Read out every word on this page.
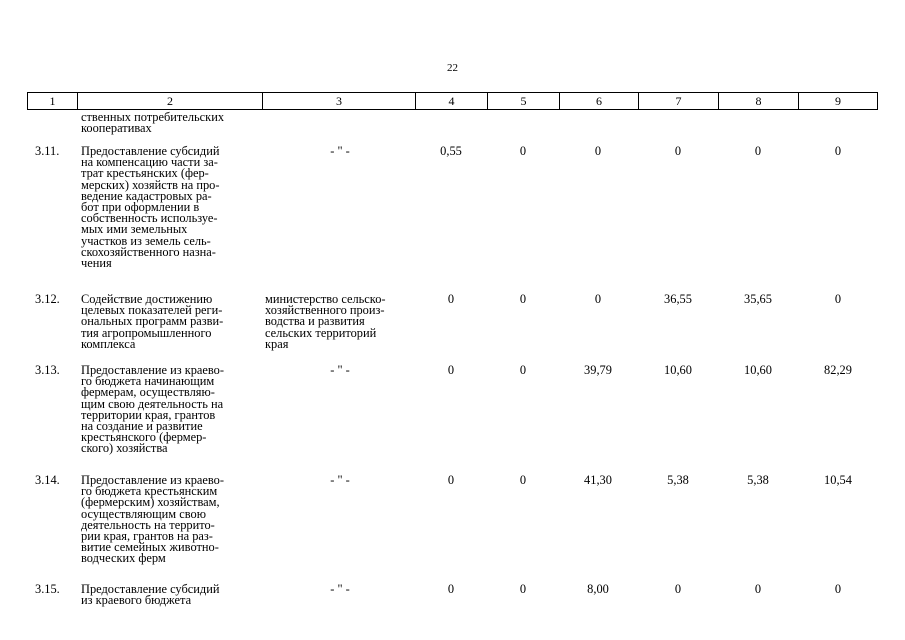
22
1	2	3	4	5	6	7	8	9
ственных потребительских
кооперативах
3.11. Предоставление субсидий
на компенсацию части за-
трат крестьянских (фер-
мерских) хозяйств на про-
ведение кадастровых ра-
бот при оформлении в
собственность используе-
мых ими земельных
участков из земель сель-
скохозяйственного назна-
чения
- " -	0,55	0	0	0	0	0
3.12. Содействие достижению
целевых показателей реги-
ональных программ разви-
тия агропромышленного
комплекса
министерство сельско-
хозяйственного произ-
водства и развития
сельских территорий
края
0	0	0	36,55	35,65	0
3.13. Предоставление из краево-
го бюджета начинающим
фермерам, осуществляю-
щим свою деятельность на
территории края, грантов
на создание и развитие
крестьянского (фермер-
ского) хозяйства
- " -	0	0	39,79	10,60	10,60	82,29
3.14. Предоставление из краево-
го бюджета крестьянским
(фермерским) хозяйствам,
осуществляющим свою
деятельность на террито-
рии края, грантов на раз-
витие семейных животно-
водческих ферм
- " -	0	0	41,30	5,38	5,38	10,54
3.15. Предоставление субсидий
из краевого бюджета
- " -	0	0	8,00	0	0	0
